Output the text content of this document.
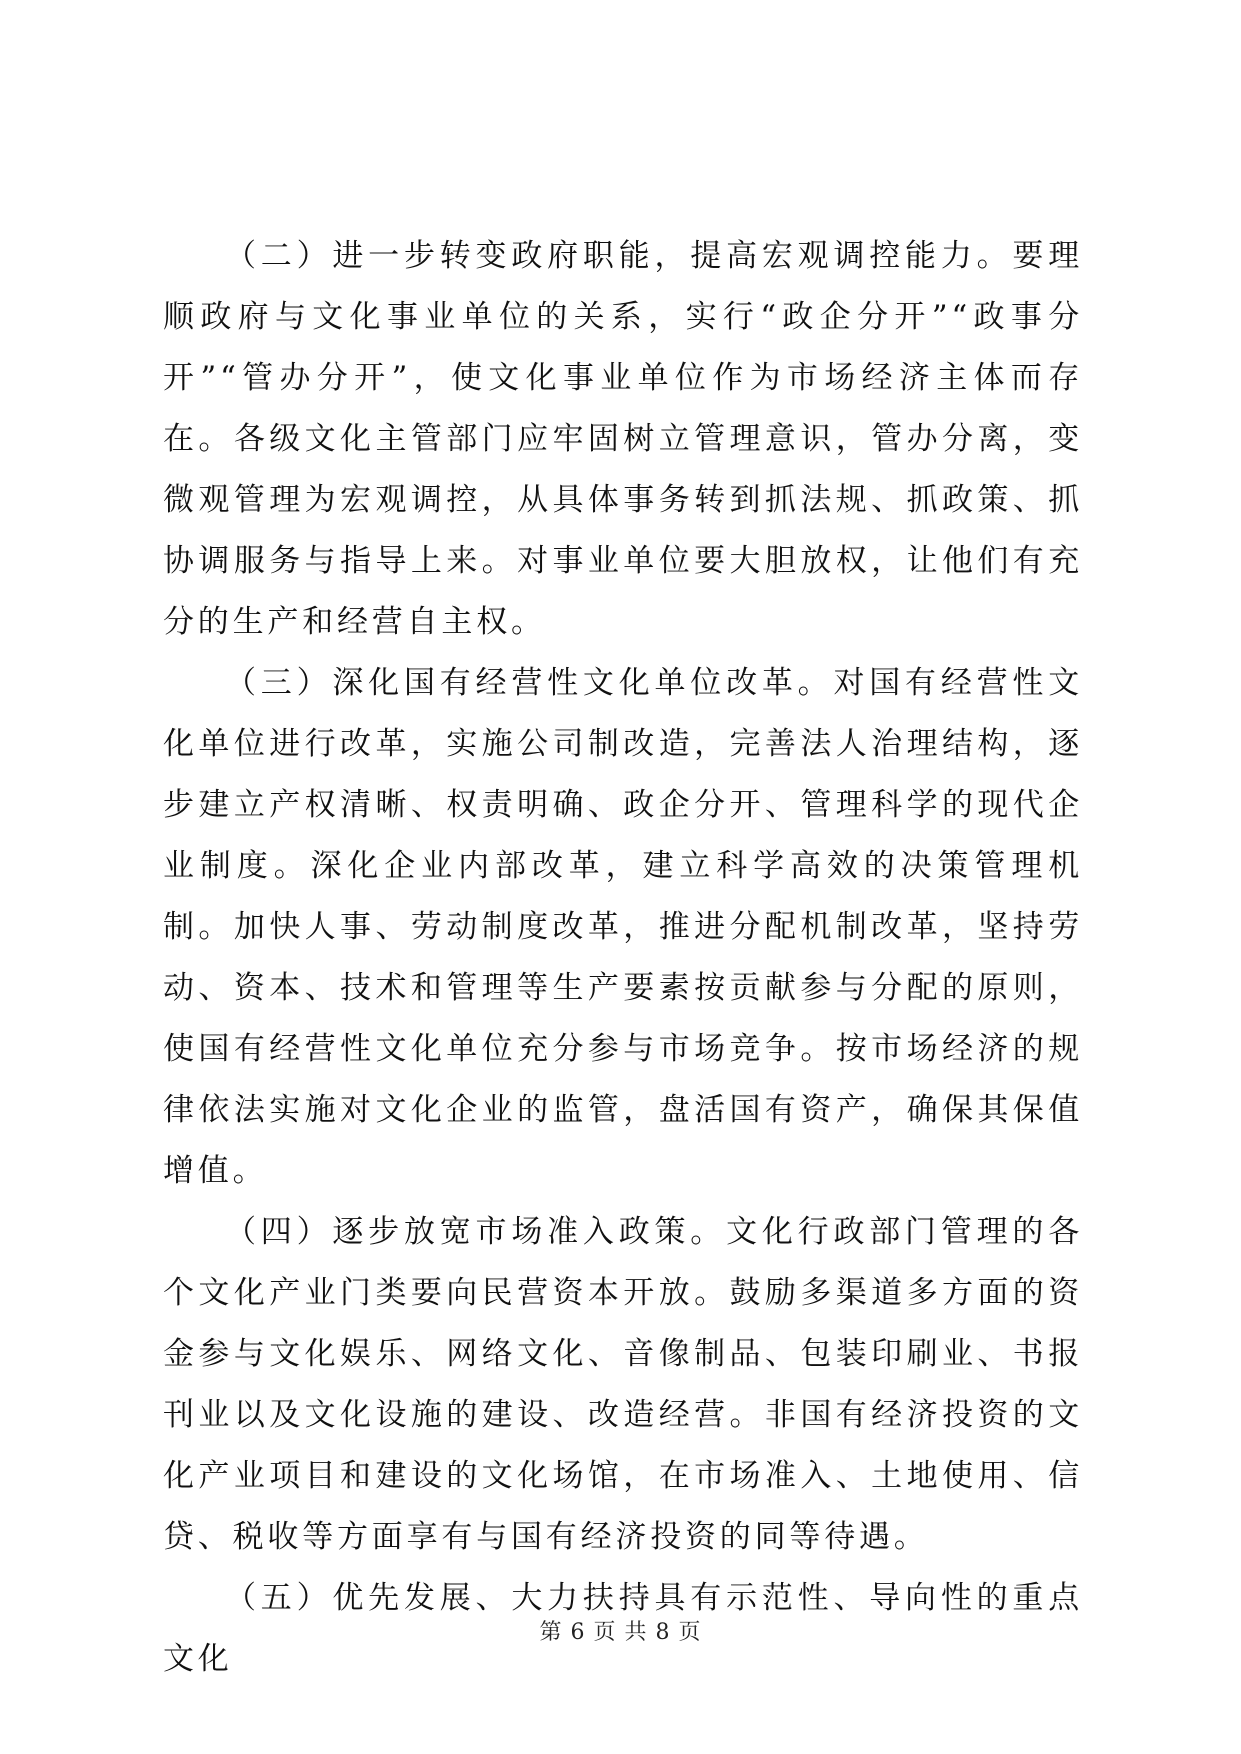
（二）进一步转变政府职能，提高宏观调控能力。要理顺政府与文化事业单位的关系，实行“政企分开”“政事分开”“管办分开”，使文化事业单位作为市场经济主体而存在。各级文化主管部门应牢固树立管理意识，管办分离，变微观管理为宏观调控，从具体事务转到抓法规、抓政策、抓协调服务与指导上来。对事业单位要大胆放权，让他们有充分的生产和经营自主权。

（三）深化国有经营性文化单位改革。对国有经营性文化单位进行改革，实施公司制改造，完善法人治理结构，逐步建立产权清晰、权责明确、政企分开、管理科学的现代企业制度。深化企业内部改革，建立科学高效的决策管理机制。加快人事、劳动制度改革，推进分配机制改革，坚持劳动、资本、技术和管理等生产要素按贡献参与分配的原则，使国有经营性文化单位充分参与市场竞争。按市场经济的规律依法实施对文化企业的监管，盘活国有资产，确保其保值增值。

（四）逐步放宽市场准入政策。文化行政部门管理的各个文化产业门类要向民营资本开放。鼓励多渠道多方面的资金参与文化娱乐、网络文化、音像制品、包装印刷业、书报刊业以及文化设施的建设、改造经营。非国有经济投资的文化产业项目和建设的文化场馆，在市场准入、土地使用、信贷、税收等方面享有与国有经济投资的同等待遇。

（五）优先发展、大力扶持具有示范性、导向性的重点文化

第 6 页 共 8 页
